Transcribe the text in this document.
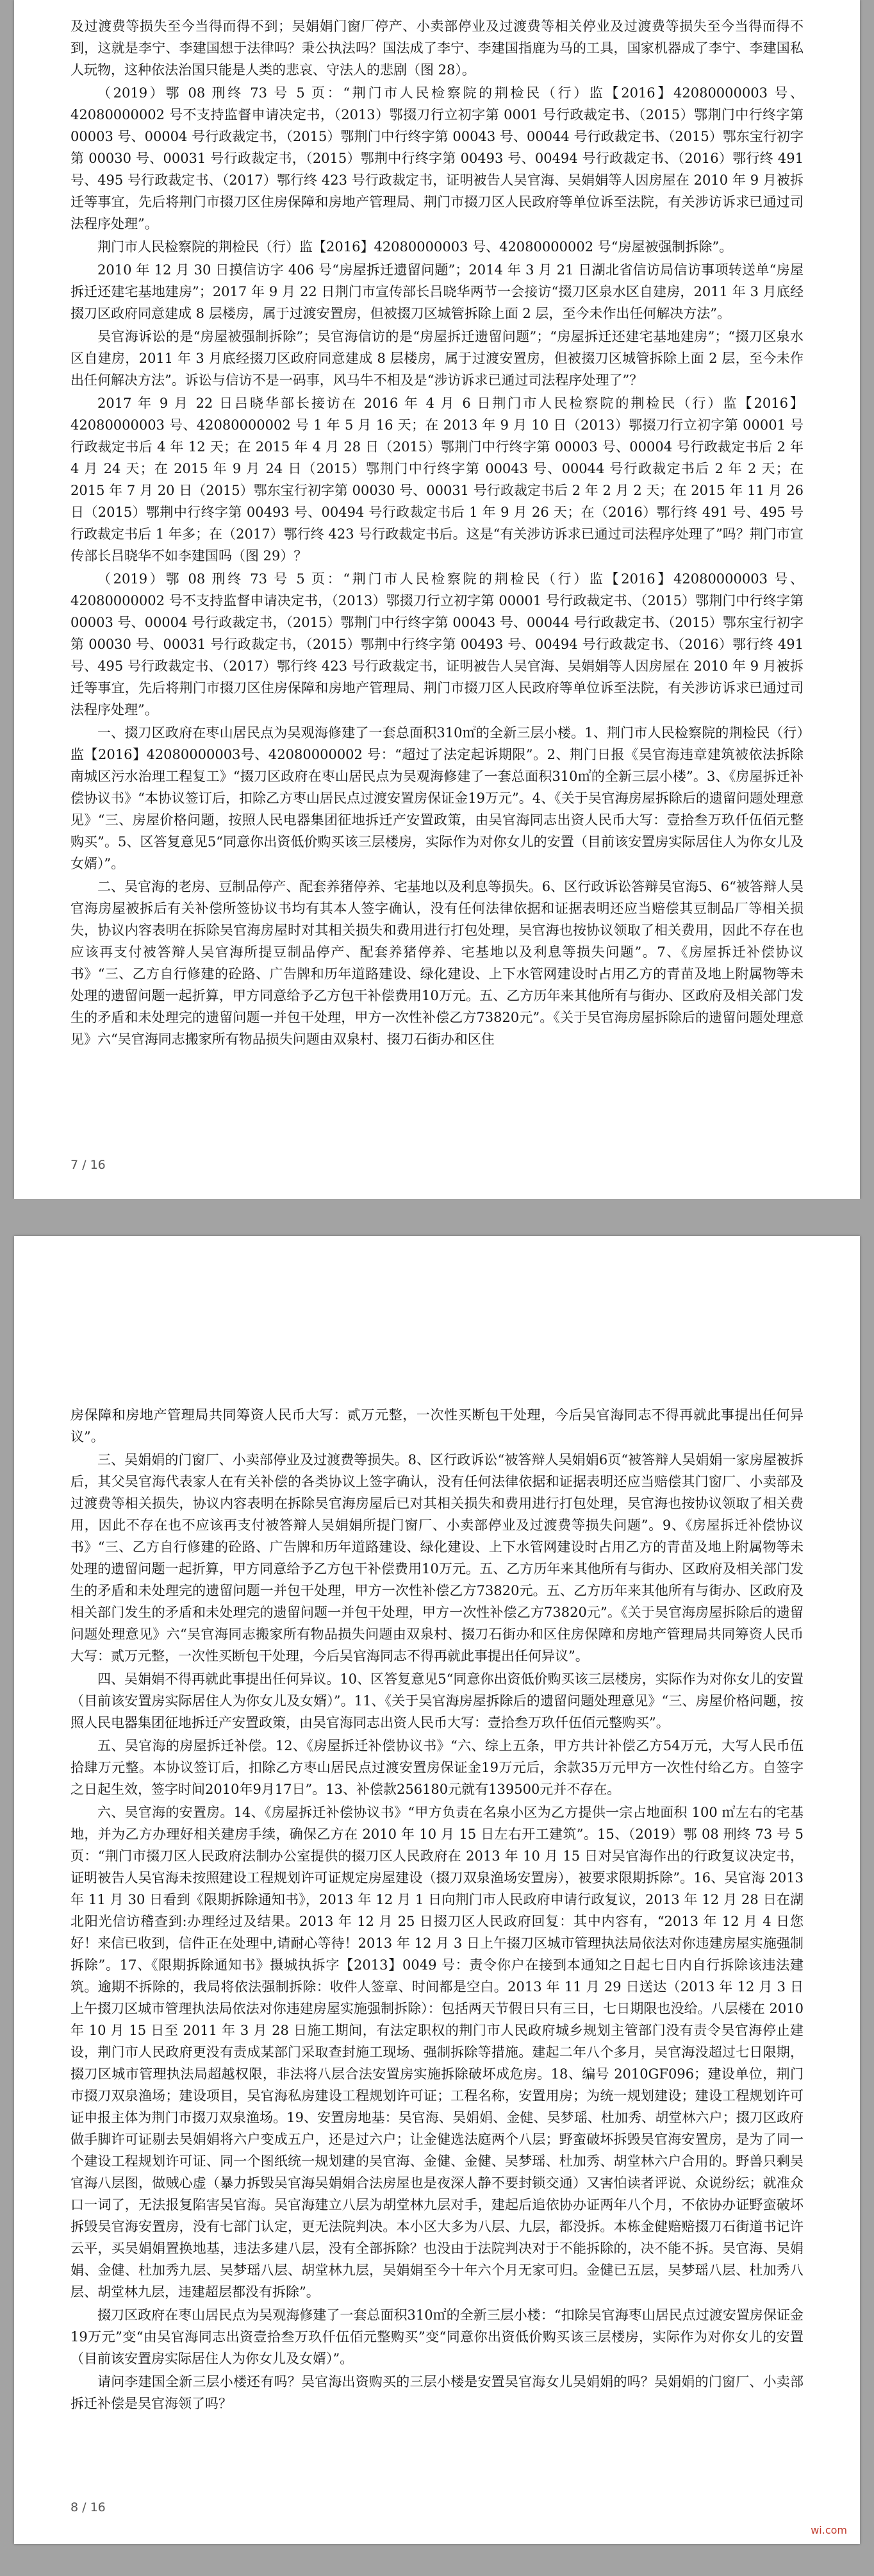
及过渡费等损失至今当得而得不到；吴娟娟门窗厂停产、小卖部停业及过渡费等相关停业及过渡费等损失至今当得而得不到，这就是李宁、李建国想于法律吗？秉公执法吗？国法成了李宁、李建国指鹿为马的工具，国家机器成了李宁、李建国私人玩物，这种依法治国只能是人类的悲哀、守法人的悲剧（图 28）。

（2019）鄂 08 刑终 73 号 5 页：“荆门市人民检察院的荆检民（行）监【2016】42080000003 号、42080000002 号不支持监督申请决定书，（2013）鄂掇刀行立初字第 0001 号行政裁定书、（2015）鄂荆门中行终字第 00003 号、00004 号行政裁定书，（2015）鄂荆门中行终字第 00043 号、00044 号行政裁定书、（2015）鄂东宝行初字第 00030 号、00031 号行政裁定书，（2015）鄂荆中行终字第 00493 号、00494 号行政裁定书、（2016）鄂行终 491 号、495 号行政裁定书、（2017）鄂行终 423 号行政裁定书，证明被告人吴官海、吴娟娟等人因房屋在 2010 年 9 月被拆迁等事宜，先后将荆门市掇刀区住房保障和房地产管理局、荆门市掇刀区人民政府等单位诉至法院，有关涉访诉求已通过司法程序处理”。

荆门市人民检察院的荆检民（行）监【2016】42080000003 号、42080000002 号“房屋被强制拆除”。

2010 年 12 月 30 日摸信访字 406 号“房屋拆迁遗留问题”；2014 年 3 月 21 日湖北省信访局信访事项转送单“房屋拆迁还建宅基地建房”；2017 年 9 月 22 日荆门市宣传部长吕晓华两节一会接访“掇刀区泉水区自建房，2011 年 3 月底经掇刀区政府同意建成 8 层楼房，属于过渡安置房，但被掇刀区城管拆除上面 2 层，至今未作出任何解决方法”。

吴官海诉讼的是“房屋被强制拆除”；吴官海信访的是“房屋拆迁遗留问题”；“房屋拆迁还建宅基地建房”；“掇刀区泉水区自建房，2011 年 3 月底经掇刀区政府同意建成 8 层楼房，属于过渡安置房，但被掇刀区城管拆除上面 2 层，至今未作出任何解决方法”。诉讼与信访不是一码事，风马牛不相及是“涉访诉求已通过司法程序处理了”？

2017 年 9 月 22 日吕晓华部长接访在 2016 年 4 月 6 日荆门市人民检察院的荆检民（行）监【2016】42080000003 号、42080000002 号 1 年 5 月 16 天；在 2013 年 9 月 10 日（2013）鄂掇刀行立初字第 00001 号行政裁定书后 4 年 12 天；在 2015 年 4 月 28 日（2015）鄂荆门中行终字第 00003 号、00004 号行政裁定书后 2 年 4 月 24 天；在 2015 年 9 月 24 日（2015）鄂荆门中行终字第 00043 号、00044 号行政裁定书后 2 年 2 天；在 2015 年 7 月 20 日（2015）鄂东宝行初字第 00030 号、00031 号行政裁定书后 2 年 2 月 2 天；在 2015 年 11 月 26 日（2015）鄂荆中行终字第 00493 号、00494 号行政裁定书后 1 年 9 月 26 天；在（2016）鄂行终 491 号、495 号行政裁定书后 1 年多；在（2017）鄂行终 423 号行政裁定书后。这是“有关涉访诉求已通过司法程序处理了”吗？荆门市宣传部长吕晓华不如李建国吗（图 29）？

（2019）鄂 08 刑终 73 号 5 页：“荆门市人民检察院的荆检民（行）监【2016】42080000003 号、42080000002 号不支持监督申请决定书，（2013）鄂掇刀行立初字第 00001 号行政裁定书、（2015）鄂荆门中行终字第 00003 号、00004 号行政裁定书，（2015）鄂荆门中行终字第 00043 号、00044 号行政裁定书、（2015）鄂东宝行初字第 00030 号、00031 号行政裁定书，（2015）鄂荆中行终字第 00493 号、00494 号行政裁定书、（2016）鄂行终 491 号、495 号行政裁定书、（2017）鄂行终 423 号行政裁定书，证明被告人吴官海、吴娟娟等人因房屋在 2010 年 9 月被拆迁等事宜，先后将荆门市掇刀区住房保障和房地产管理局、荆门市掇刀区人民政府等单位诉至法院，有关涉访诉求已通过司法程序处理”。

一、掇刀区政府在枣山居民点为吴观海修建了一套总面积310㎡的全新三层小楼。1、荆门市人民检察院的荆检民（行）监【2016】42080000003号、42080000002 号：“超过了法定起诉期限”。2、荆门日报《吴官海违章建筑被依法拆除南城区污水治理工程复工》“掇刀区政府在枣山居民点为吴观海修建了一套总面积310㎡的全新三层小楼”。3、《房屋拆迁补偿协议书》“本协议签订后，扣除乙方枣山居民点过渡安置房保证金19万元”。4、《关于吴官海房屋拆除后的遗留问题处理意见》“三、房屋价格问题，按照人民电器集团征地拆迁产安置政策，由吴官海同志出资人民币大写：壹拾叁万玖仟伍佰元整购买”。5、区答复意见5“同意你出资低价购买该三层楼房，实际作为对你女儿的安置（目前该安置房实际居住人为你女儿及女婿）”。

二、吴官海的老房、豆制品停产、配套养猪停养、宅基地以及利息等损失。6、区行政诉讼答辩吴官海5、6“被答辩人吴官海房屋被拆后有关补偿所签协议书均有其本人签字确认，没有任何法律依据和证据表明还应当赔偿其豆制品厂等相关损失，协议内容表明在拆除吴官海房屋时对其相关损失和费用进行打包处理，吴官海也按协议领取了相关费用，因此不存在也应该再支付被答辩人吴官海所提豆制品停产、配套养猪停养、宅基地以及利息等损失问题”。7、《房屋拆迁补偿协议书》“三、乙方自行修建的砼路、广告牌和历年道路建设、绿化建设、上下水管网建设时占用乙方的青苗及地上附属物等未处理的遗留问题一起折算，甲方同意给予乙方包干补偿费用10万元。五、乙方历年来其他所有与街办、区政府及相关部门发生的矛盾和未处理完的遗留问题一并包干处理，甲方一次性补偿乙方73820元”。《关于吴官海房屋拆除后的遗留问题处理意见》六“吴官海同志搬家所有物品损失问题由双泉村、掇刀石街办和区住

7 / 16

房保障和房地产管理局共同筹资人民币大写：贰万元整，一次性买断包干处理，今后吴官海同志不得再就此事提出任何异议”。

三、吴娟娟的门窗厂、小卖部停业及过渡费等损失。8、区行政诉讼“被答辩人吴娟娟6页“被答辩人吴娟娟一家房屋被拆后，其父吴官海代表家人在有关补偿的各类协议上签字确认，没有任何法律依据和证据表明还应当赔偿其门窗厂、小卖部及过渡费等相关损失，协议内容表明在拆除吴官海房屋后已对其相关损失和费用进行打包处理，吴官海也按协议领取了相关费用，因此不存在也不应该再支付被答辩人吴娟娟所提门窗厂、小卖部停业及过渡费等损失问题”。9、《房屋拆迁补偿协议书》“三、乙方自行修建的砼路、广告牌和历年道路建设、绿化建设、上下水管网建设时占用乙方的青苗及地上附属物等未处理的遗留问题一起折算，甲方同意给予乙方包干补偿费用10万元。五、乙方历年来其他所有与街办、区政府及相关部门发生的矛盾和未处理完的遗留问题一并包干处理，甲方一次性补偿乙方73820元。五、乙方历年来其他所有与街办、区政府及相关部门发生的矛盾和未处理完的遗留问题一并包干处理，甲方一次性补偿乙方73820元”。《关于吴官海房屋拆除后的遗留问题处理意见》六“吴官海同志搬家所有物品损失问题由双泉村、掇刀石街办和区住房保障和房地产管理局共同筹资人民币大写：贰万元整，一次性买断包干处理，今后吴官海同志不得再就此事提出任何异议”。

四、吴娟娟不得再就此事提出任何异议。10、区答复意见5“同意你出资低价购买该三层楼房，实际作为对你女儿的安置（目前该安置房实际居住人为你女儿及女婿）”。11、《关于吴官海房屋拆除后的遗留问题处理意见》“三、房屋价格问题，按照人民电器集团征地拆迁产安置政策，由吴官海同志出资人民币大写：壹拾叁万玖仟伍佰元整购买”。

五、吴官海的房屋拆迁补偿。12、《房屋拆迁补偿协议书》“六、综上五条，甲方共计补偿乙方54万元，大写人民币伍拾肆万元整。本协议签订后，扣除乙方枣山居民点过渡安置房保证金19万元后，余款35万元甲方一次性付给乙方。自签字之日起生效，签字时间2010年9月17日”。13、补偿款256180元就有139500元并不存在。

六、吴官海的安置房。14、《房屋拆迁补偿协议书》“甲方负责在名泉小区为乙方提供一宗占地面积 100 ㎡左右的宅基地，并为乙方办理好相关建房手续，确保乙方在 2010 年 10 月 15 日左右开工建筑”。15、（2019）鄂 08 刑终 73 号 5 页：“荆门市掇刀区人民政府法制办公室提供的掇刀区人民政府在 2013 年 10 月 15 日对吴官海作出的行政复议决定书，证明被告人吴官海未按照建设工程规划许可证规定房屋建设（掇刀双泉渔场安置房），被要求限期拆除”。16、吴官海 2013 年 11 月 30 日看到《限期拆除通知书》，2013 年 12 月 1 日向荆门市人民政府申请行政复议，2013 年 12 月 28 日在湖北阳光信访稽查到:办理经过及结果。2013 年 12 月 25 日掇刀区人民政府回复：其中内容有，“2013 年 12 月 4 日您好！来信已收到，信件正在处理中,请耐心等待！2013 年 12 月 3 日上午掇刀区城市管理执法局依法对你违建房屋实施强制拆除”。17、《限期拆除通知书》摄城执拆字【2013】0049 号：责令你户在接到本通知之日起七日内自行拆除该违法建筑。逾期不拆除的，我局将依法强制拆除：收件人签章、时间都是空白。2013 年 11 月 29 日送达（2013 年 12 月 3 日上午掇刀区城市管理执法局依法对你违建房屋实施强制拆除）：包括两天节假日只有三日，七日期限也没给。八层楼在 2010 年 10 月 15 日至 2011 年 3 月 28 日施工期间，有法定职权的荆门市人民政府城乡规划主管部门没有责令吴官海停止建设，荆门市人民政府更没有责成某部门采取查封施工现场、强制拆除等措施。建起二年八个多月，吴官海没超过七日限期，掇刀区城市管理执法局超越权限，非法将八层合法安置房实施拆除破坏成危房。18、编号 2010GF096；建设单位，荆门市掇刀双泉渔场；建设项目，吴官海私房建设工程规划许可证；工程名称，安置用房；为统一规划建设；建设工程规划许可证申报主体为荆门市掇刀双泉渔场。19、安置房地基：吴官海、吴娟娟、金健、吴梦瑶、杜加秀、胡堂林六户；掇刀区政府做手脚许可证剔去吴娟娟将六户变成五户，还是过六户；让金健选法庭两个八层；野蛮破坏拆毁吴官海安置房，是为了同一个建设工程规划许可证、同一个图纸统一规划建的吴官海、金健、金健、吴梦瑶、杜加秀、胡堂林六户合用的。野兽只剩吴官海八层图，做贼心虚（暴力拆毁吴官海吴娟娟合法房屋也是夜深人静不要封锁交通）又害怕读者评说、众说纷纭；就准众口一词了，无法报复陷害吴官海。吴官海建立八层为胡堂林九层对手，建起后追依协办证两年八个月，不依协办证野蛮破坏拆毁吴官海安置房，没有七部门认定，更无法院判决。本小区大多为八层、九层，都没拆。本栋金健赔赔掇刀石街道书记许云平，买吴娟娟置换地基，违法多建八层，没有全部拆除？也没由于法院判决对于不能拆除的，决不能不拆。吴官海、吴娟娟、金健、杜加秀九层、吴梦瑶八层、胡堂林九层，吴娟娟至今十年六个月无家可归。金健已五层，吴梦瑶八层、杜加秀八层、胡堂林九层，违建超层都没有拆除”。

掇刀区政府在枣山居民点为吴观海修建了一套总面积310㎡的全新三层小楼：“扣除吴官海枣山居民点过渡安置房保证金19万元”变“由吴官海同志出资壹拾叁万玖仟伍佰元整购买”变“同意你出资低价购买该三层楼房，实际作为对你女儿的安置（目前该安置房实际居住人为你女儿及女婿）”。

请问李建国全新三层小楼还有吗？吴官海出资购买的三层小楼是安置吴官海女儿吴娟娟的吗？吴娟娟的门窗厂、小卖部拆迁补偿是吴官海领了吗？

8 / 16
wi.com
